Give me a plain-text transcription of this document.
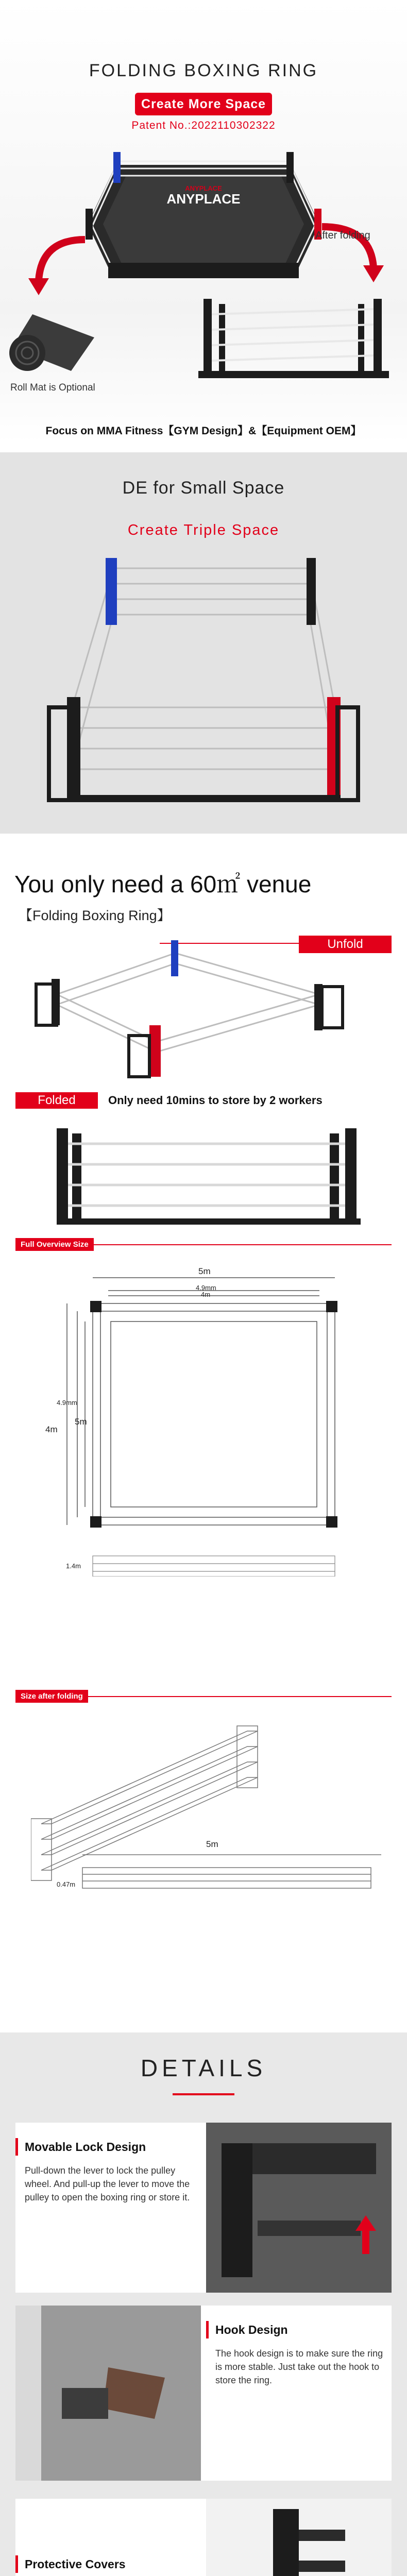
FOLDING BOXING RING
Create More Space
Patent No.:2022110302322
ANYPLACE
ANYPLACE
After folding
Roll Mat is Optional
Focus on MMA Fitness【GYM Design】&【Equipment OEM】
DE for Small Space
Create Triple Space
You only need a 60㎡ venue
【Folding Boxing Ring】
Unfold
Folded	Only need 10mins to store by 2 workers
Full Overview Size
5m
4.9mm
4m
4m
5m
4.9mm
1.4m
Size after folding
5m
0.47m
DETAILS
Movable Lock Design
Pull-down the lever to lock the pulley wheel. And pull-up the lever to move the pulley to open the boxing ring or store it.
Hook Design
The hook design is to make sure the ring is more stable. Just take out the hook to store the ring.
Protective Covers
